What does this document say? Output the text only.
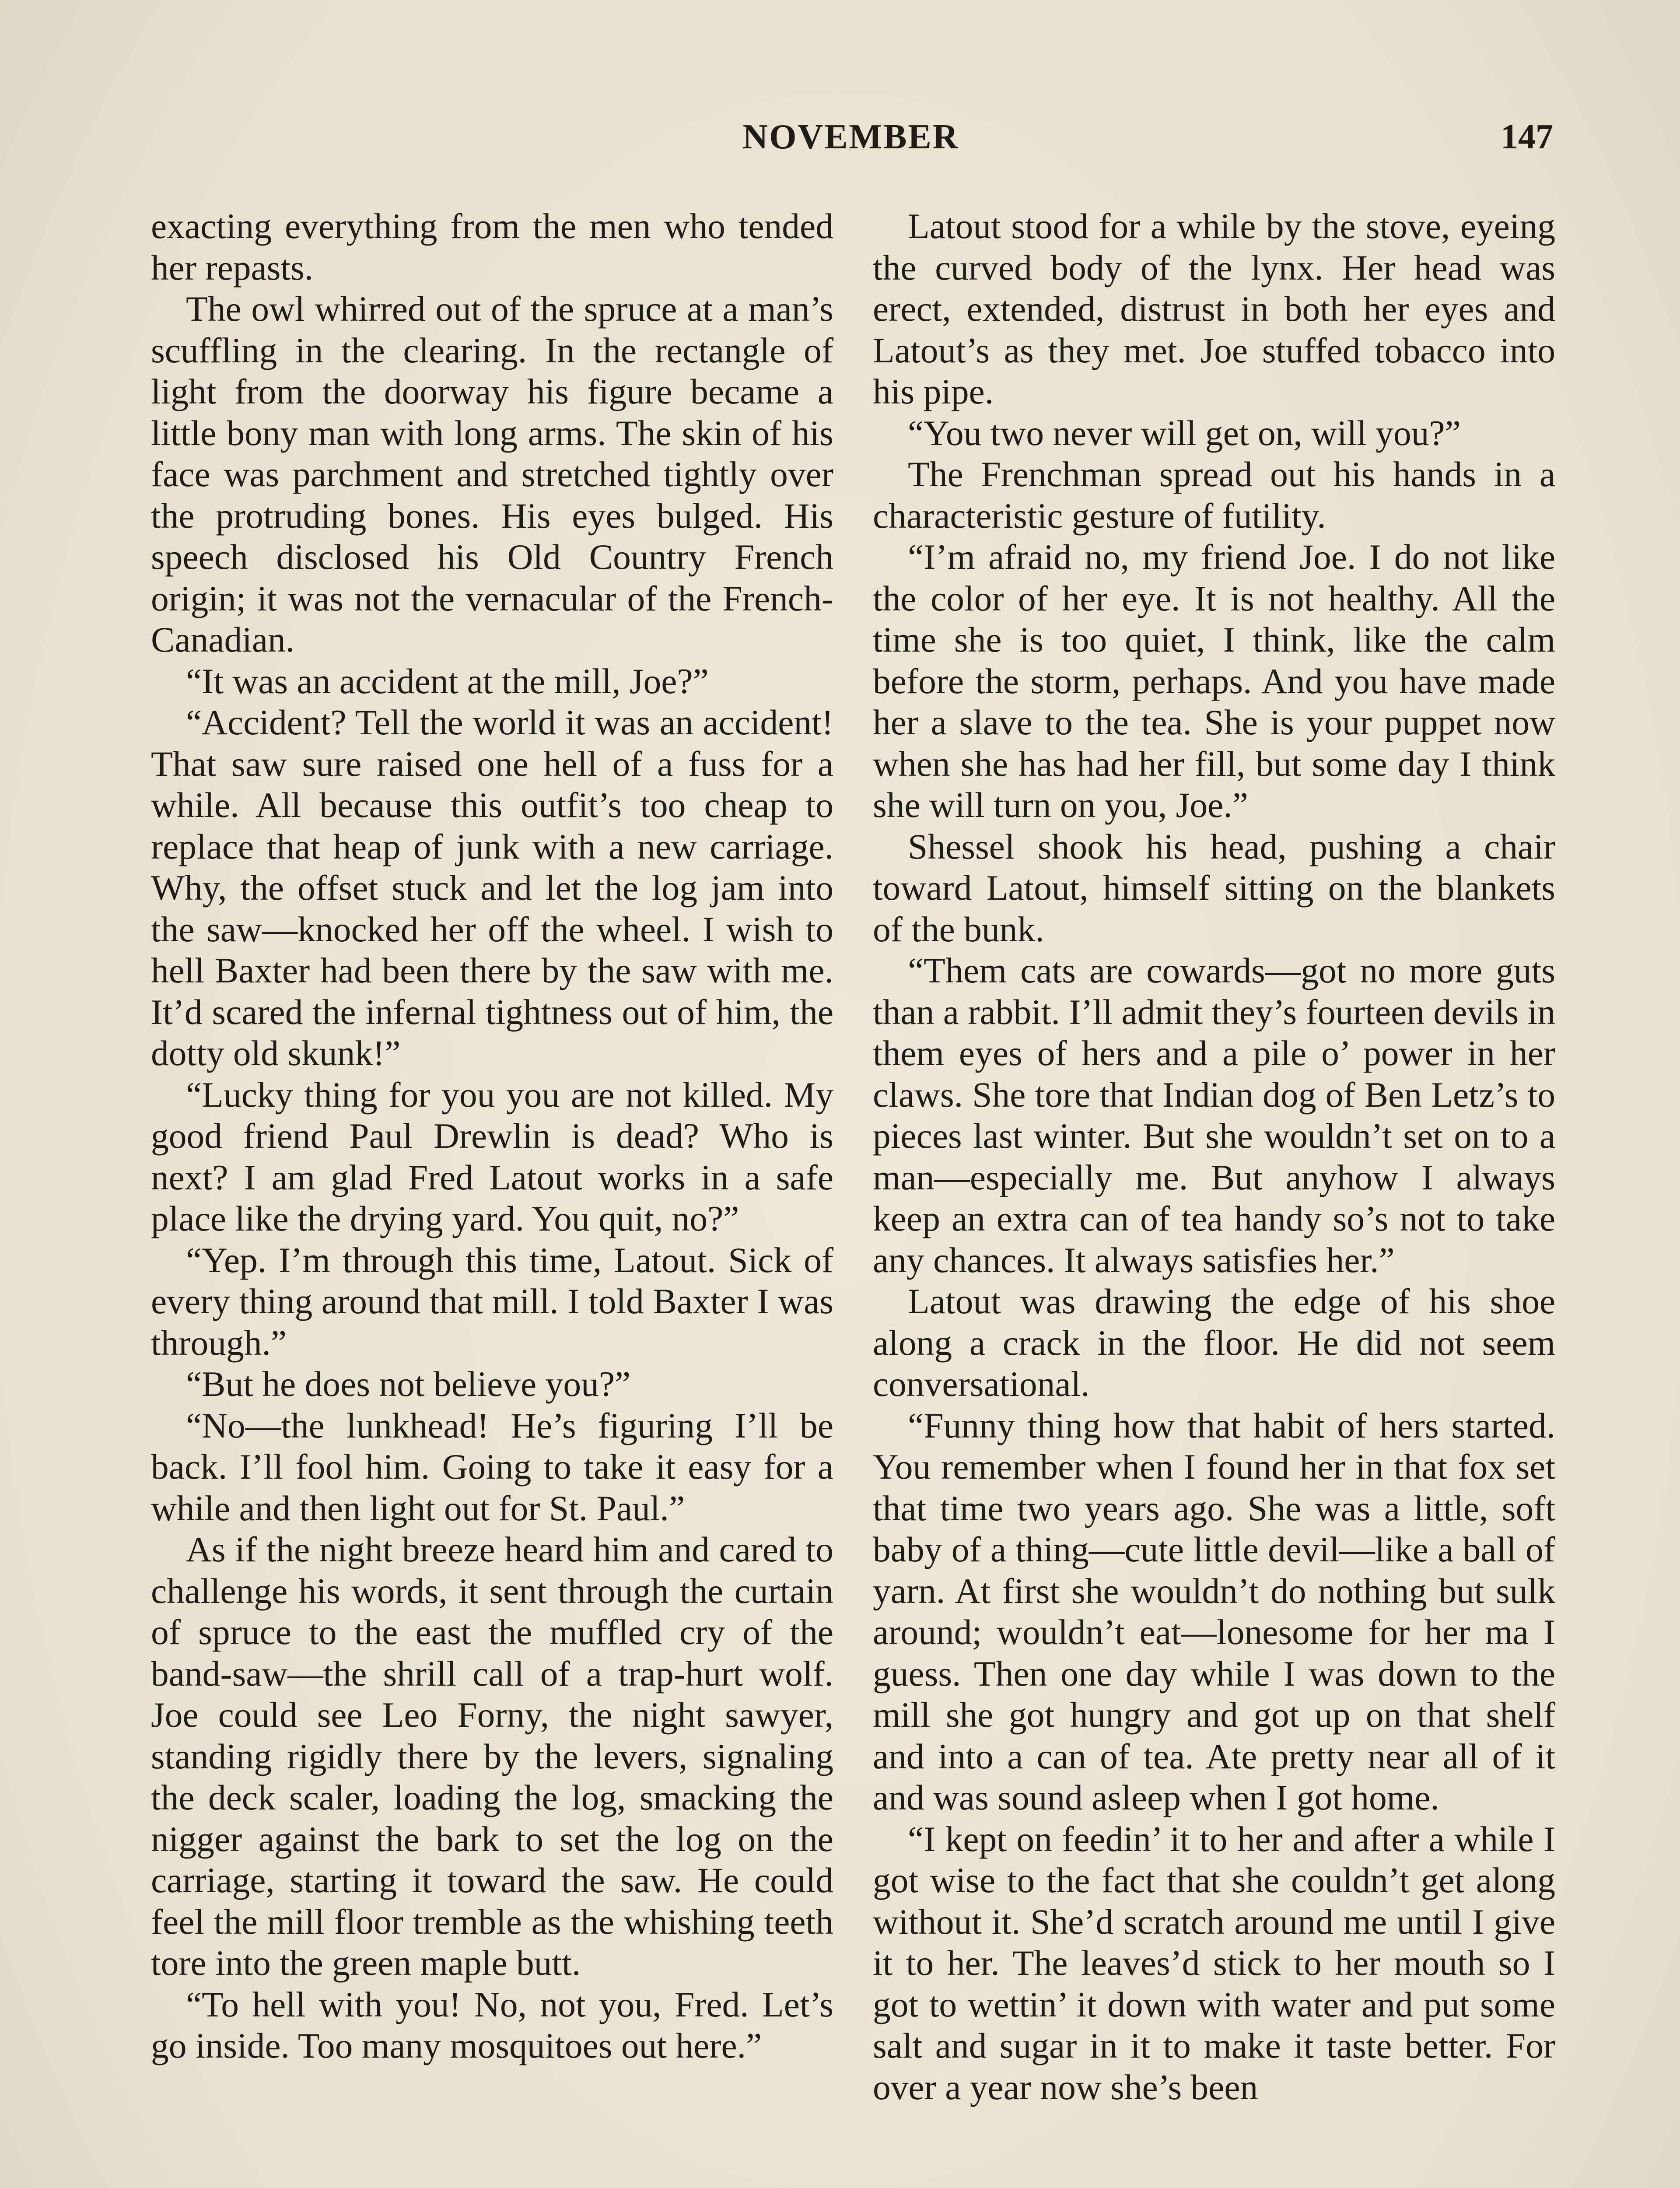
NOVEMBER	147

exacting everything from the men who tended her repasts.

The owl whirred out of the spruce at a man’s scuffling in the clearing. In the rectangle of light from the doorway his figure became a little bony man with long arms. The skin of his face was parchment and stretched tightly over the protruding bones. His eyes bulged. His speech disclosed his Old Country French origin; it was not the vernacular of the French-Canadian.

“It was an accident at the mill, Joe?”

“Accident? Tell the world it was an accident! That saw sure raised one hell of a fuss for a while. All because this outfit’s too cheap to replace that heap of junk with a new carriage. Why, the offset stuck and let the log jam into the saw—knocked her off the wheel. I wish to hell Baxter had been there by the saw with me. It’d scared the infernal tightness out of him, the dotty old skunk!”

“Lucky thing for you you are not killed. My good friend Paul Drewlin is dead? Who is next? I am glad Fred Latout works in a safe place like the drying yard. You quit, no?”

“Yep. I’m through this time, Latout. Sick of every thing around that mill. I told Baxter I was through.”

“But he does not believe you?”

“No—the lunkhead! He’s figuring I’ll be back. I’ll fool him. Going to take it easy for a while and then light out for St. Paul.”

As if the night breeze heard him and cared to challenge his words, it sent through the curtain of spruce to the east the muffled cry of the band-saw—the shrill call of a trap-hurt wolf. Joe could see Leo Forny, the night sawyer, standing rigidly there by the levers, signaling the deck scaler, loading the log, smacking the nigger against the bark to set the log on the carriage, starting it toward the saw. He could feel the mill floor tremble as the whishing teeth tore into the green maple butt.

“To hell with you! No, not you, Fred. Let’s go inside. Too many mosquitoes out here.”

Latout stood for a while by the stove, eyeing the curved body of the lynx. Her head was erect, extended, distrust in both her eyes and Latout’s as they met. Joe stuffed tobacco into his pipe.

“You two never will get on, will you?”

The Frenchman spread out his hands in a characteristic gesture of futility.

“I’m afraid no, my friend Joe. I do not like the color of her eye. It is not healthy. All the time she is too quiet, I think, like the calm before the storm, perhaps. And you have made her a slave to the tea. She is your puppet now when she has had her fill, but some day I think she will turn on you, Joe.”

Shessel shook his head, pushing a chair toward Latout, himself sitting on the blankets of the bunk.

“Them cats are cowards—got no more guts than a rabbit. I’ll admit they’s fourteen devils in them eyes of hers and a pile o’ power in her claws. She tore that Indian dog of Ben Letz’s to pieces last winter. But she wouldn’t set on to a man—especially me. But anyhow I always keep an extra can of tea handy so’s not to take any chances. It always satisfies her.”

Latout was drawing the edge of his shoe along a crack in the floor. He did not seem conversational.

“Funny thing how that habit of hers started. You remember when I found her in that fox set that time two years ago. She was a little, soft baby of a thing—cute little devil—like a ball of yarn. At first she wouldn’t do nothing but sulk around; wouldn’t eat—lonesome for her ma I guess. Then one day while I was down to the mill she got hungry and got up on that shelf and into a can of tea. Ate pretty near all of it and was sound asleep when I got home.

“I kept on feedin’ it to her and after a while I got wise to the fact that she couldn’t get along without it. She’d scratch around me until I give it to her. The leaves’d stick to her mouth so I got to wettin’ it down with water and put some salt and sugar in it to make it taste better. For over a year now she’s been
